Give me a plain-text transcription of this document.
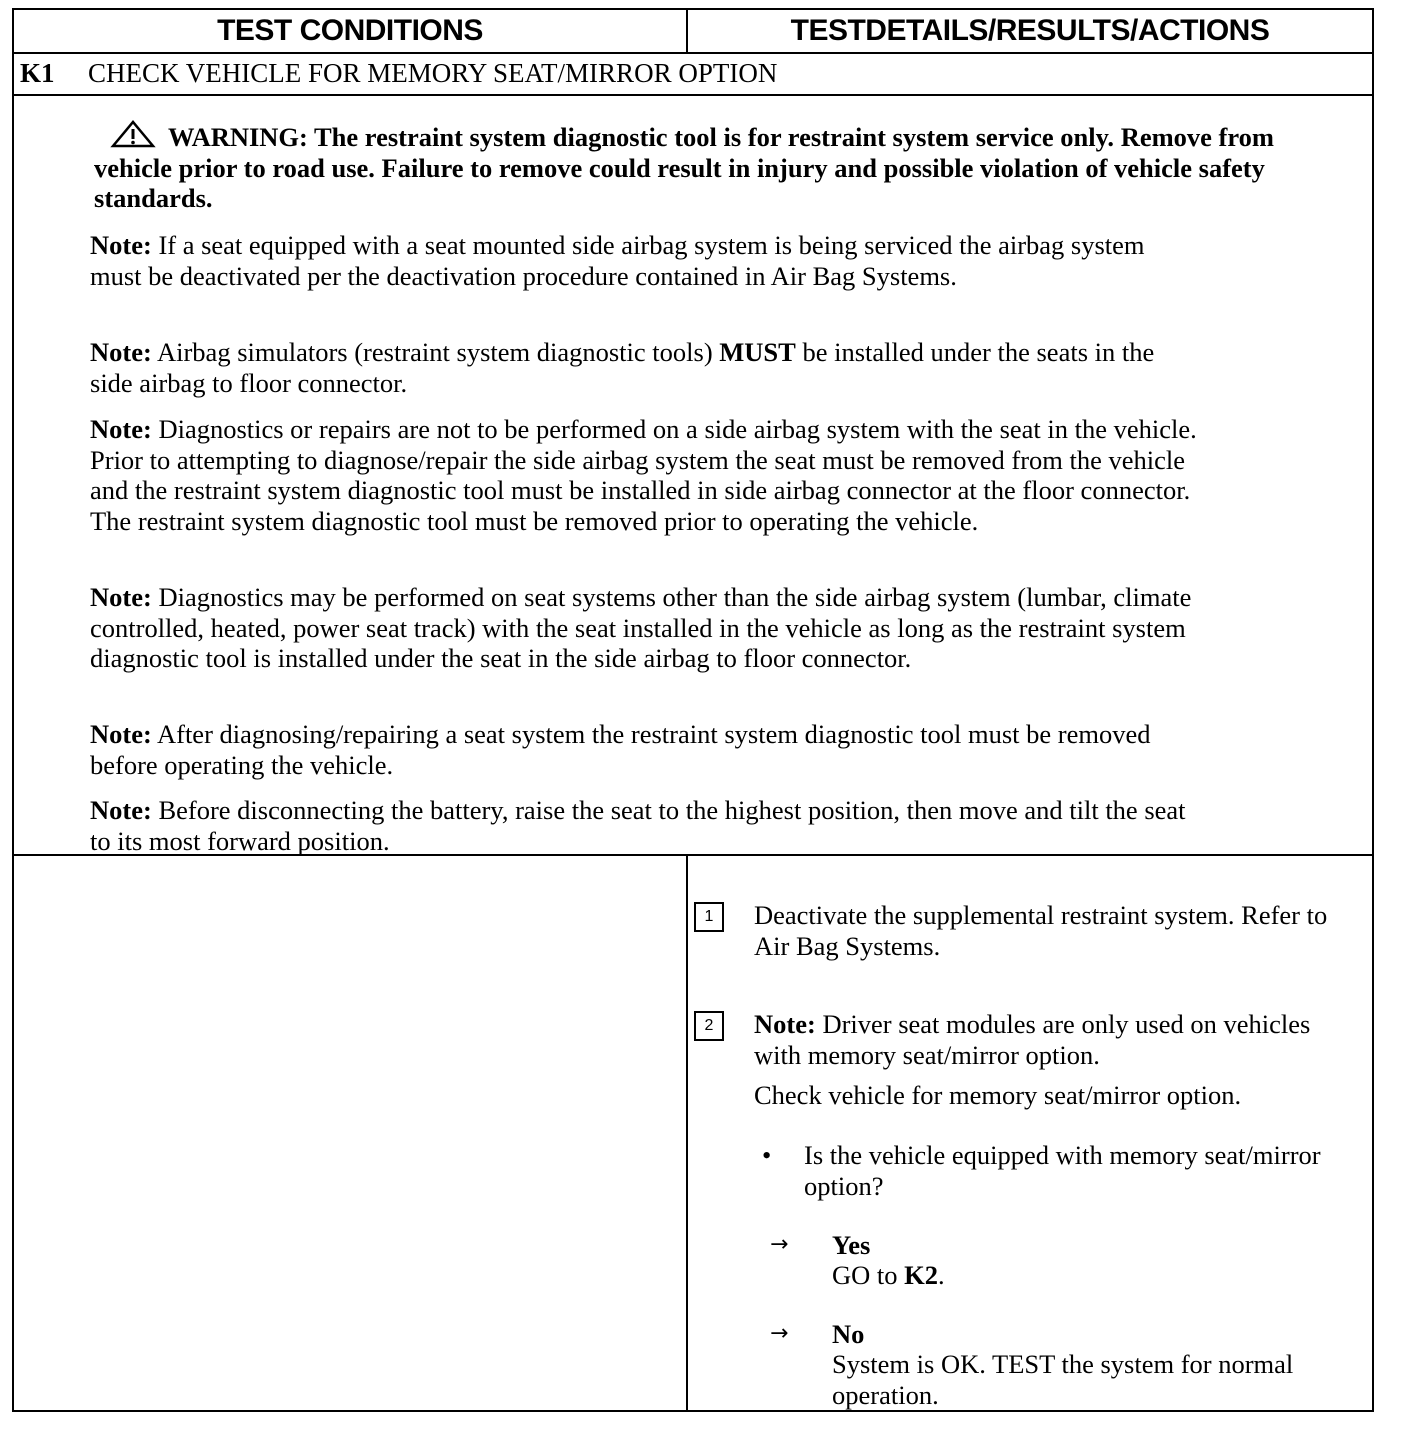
TEST CONDITIONS	TESTDETAILS/RESULTS/ACTIONS
K1 CHECK VEHICLE FOR MEMORY SEAT/MIRROR OPTION
WARNING: The restraint system diagnostic tool is for restraint system service only. Remove from vehicle prior to road use. Failure to remove could result in injury and possible violation of vehicle safety standards.
Note: If a seat equipped with a seat mounted side airbag system is being serviced the airbag system must be deactivated per the deactivation procedure contained in Air Bag Systems.
Note: Airbag simulators (restraint system diagnostic tools) MUST be installed under the seats in the side airbag to floor connector.
Note: Diagnostics or repairs are not to be performed on a side airbag system with the seat in the vehicle. Prior to attempting to diagnose/repair the side airbag system the seat must be removed from the vehicle and the restraint system diagnostic tool must be installed in side airbag connector at the floor connector. The restraint system diagnostic tool must be removed prior to operating the vehicle.
Note: Diagnostics may be performed on seat systems other than the side airbag system (lumbar, climate controlled, heated, power seat track) with the seat installed in the vehicle as long as the restraint system diagnostic tool is installed under the seat in the side airbag to floor connector.
Note: After diagnosing/repairing a seat system the restraint system diagnostic tool must be removed before operating the vehicle.
Note: Before disconnecting the battery, raise the seat to the highest position, then move and tilt the seat to its most forward position.
1	Deactivate the supplemental restraint system. Refer to Air Bag Systems.
2	Note: Driver seat modules are only used on vehicles with memory seat/mirror option.
Check vehicle for memory seat/mirror option.
• Is the vehicle equipped with memory seat/mirror option?
→	Yes
GO to K2.
→	No
System is OK. TEST the system for normal operation.
